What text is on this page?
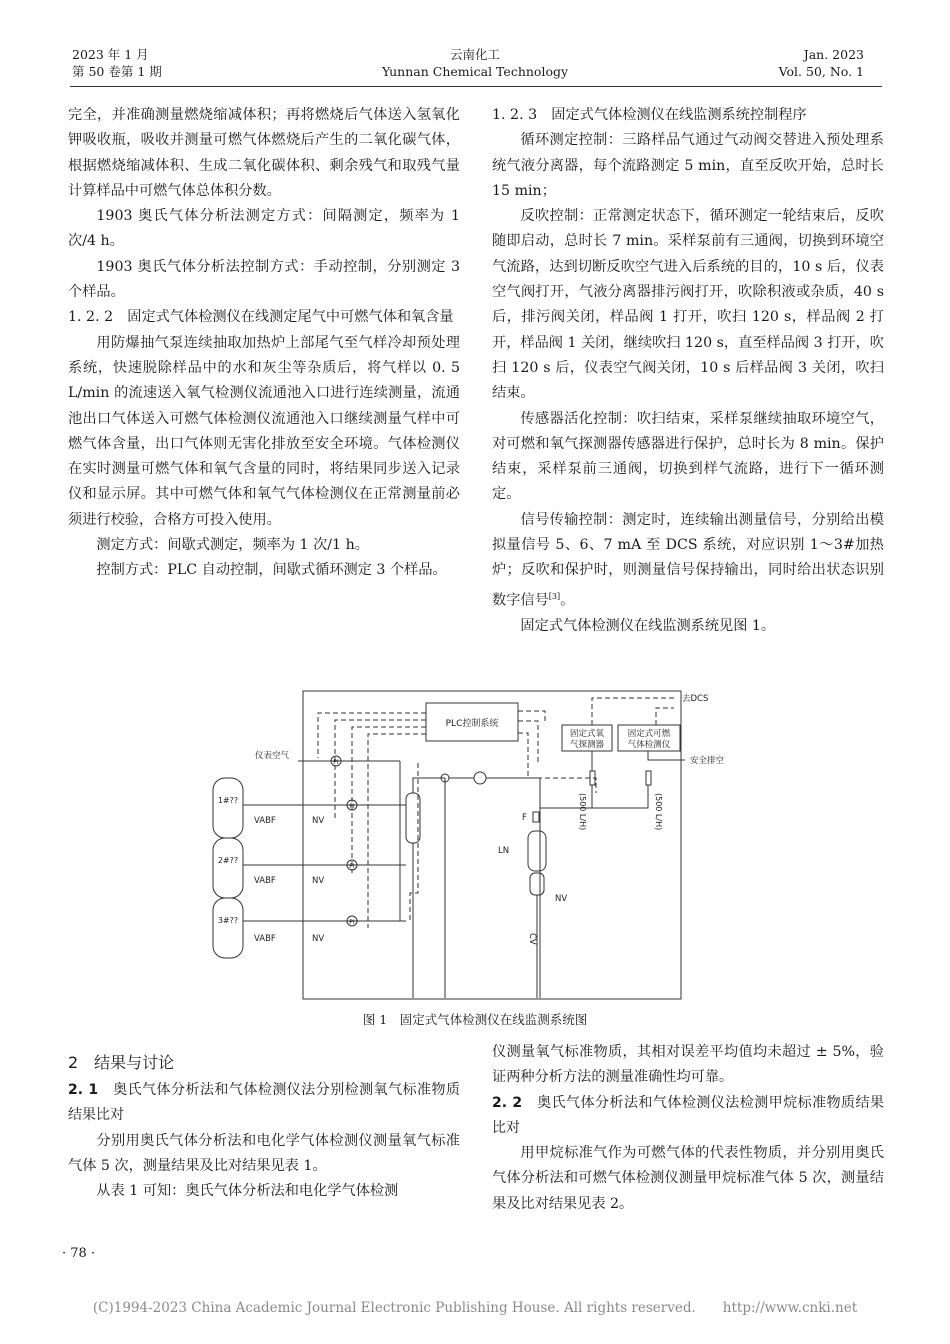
2023 年 1 月
第 50 卷第 1 期
云南化工
Yunnan Chemical Technology
Jan. 2023
Vol. 50, No. 1

完全，并准确测量燃烧缩减体积；再将燃烧后气体送入氢氧化钾吸收瓶，吸收并测量可燃气体燃烧后产生的二氧化碳气体，根据燃烧缩减体积、生成二氧化碳体积、剩余残气和取残气量计算样品中可燃气体总体积分数。

1903 奥氏气体分析法测定方式：间隔测定，频率为 1 次/4 h。

1903 奥氏气体分析法控制方式：手动控制，分别测定 3 个样品。

1. 2. 2　固定式气体检测仪在线测定尾气中可燃气体和氧含量

用防爆抽气泵连续抽取加热炉上部尾气至气样冷却预处理系统，快速脱除样品中的水和灰尘等杂质后，将气样以 0. 5 L/min 的流速送入氧气检测仪流通池入口进行连续测量，流通池出口气体送入可燃气体检测仪流通池入口继续测量气样中可燃气体含量，出口气体则无害化排放至安全环境。气体检测仪在实时测量可燃气体和氧气含量的同时，将结果同步送入记录仪和显示屏。其中可燃气体和氧气气体检测仪在正常测量前必须进行校验，合格方可投入使用。

测定方式：间歇式测定，频率为 1 次/1 h。

控制方式：PLC 自动控制，间歇式循环测定 3 个样品。

1. 2. 3　固定式气体检测仪在线监测系统控制程序

循环测定控制：三路样品气通过气动阀交替进入预处理系统气液分离器，每个流路测定 5 min，直至反吹开始，总时长 15 min；

反吹控制：正常测定状态下，循环测定一轮结束后，反吹随即启动，总时长 7 min。采样泵前有三通阀，切换到环境空气流路，达到切断反吹空气进入后系统的目的，10 s 后，仪表空气阀打开，气液分离器排污阀打开，吹除积液或杂质，40 s 后，排污阀关闭，样品阀 1 打开，吹扫 120 s，样品阀 2 打开，样品阀 1 关闭，继续吹扫 120 s，直至样品阀 3 打开，吹扫 120 s 后，仪表空气阀关闭，10 s 后样品阀 3 关闭，吹扫结束。

传感器活化控制：吹扫结束，采样泵继续抽取环境空气，对可燃和氧气探测器传感器进行保护，总时长为 8 min。保护结束，采样泵前三通阀，切换到样气流路，进行下一循环测定。

信号传输控制：测定时，连续输出测量信号，分别给出模拟量信号 5、6、7 mA 至 DCS 系统，对应识别 1～3#加热炉；反吹和保护时，则测量信号保持输出，同时给出状态识别数字信号[3]。

固定式气体检测仪在线监测系统见图 1。

PLC控制系统
固定式氧
气探测器
固定式可燃
气体检测仪
去DCS
安全排空
(500 L/H)	(500 L/H)
仪表空气
1#??
VABF	NV
2#??
VABF	NV
3#??
VABF	NV
PI
PI
PI
PI
F
LN
NV
CV
图 1　固定式气体检测仪在线监测系统图

2　结果与讨论

2. 1　 奥氏气体分析法和气体检测仪法分别检测氧气标准物质结果比对

分别用奥氏气体分析法和电化学气体检测仪测量氧气标准气体 5 次，测量结果及比对结果见表 1。

从表 1 可知：奥氏气体分析法和电化学气体检测

仪测量氧气标准物质，其相对误差平均值均未超过 ± 5%，验证两种分析方法的测量准确性均可靠。

2. 2　 奥氏气体分析法和气体检测仪法检测甲烷标准物质结果比对

用甲烷标准气作为可燃气体的代表性物质，并分别用奥氏气体分析法和可燃气体检测仪测量甲烷标准气体 5 次，测量结果及比对结果见表 2。

· 78 ·
(C)1994-2023 China Academic Journal Electronic Publishing House. All rights reserved.　　http://www.cnki.net
